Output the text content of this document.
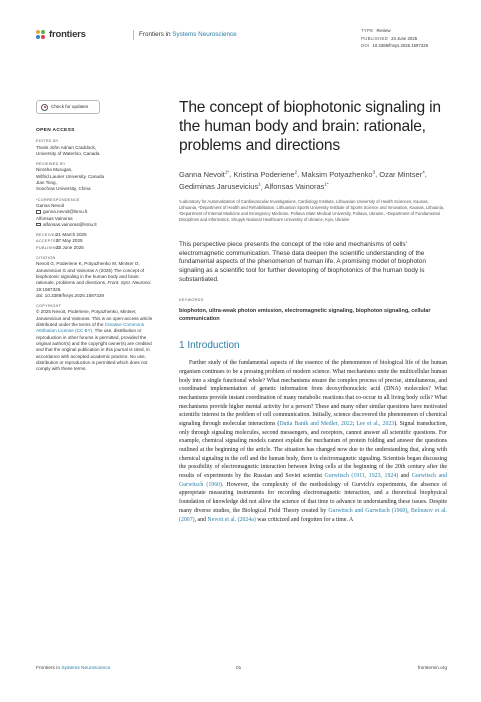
frontiers	Frontiers in Systems Neuroscience
TYPE Review
PUBLISHED 23 June 2025
DOI 10.3389/fnsys.2025.1597329
Check for updates
OPEN ACCESS
EDITED BY
Travis John Adrian Craddock,
University of Waterloo, Canada
REVIEWED BY
Nirosha Murugan,
Wilfrid Laurier University, Canada
Jian Tong,
Soochow University, China
*CORRESPONDENCE
Ganna Nevoit
ganna.nevoit@lsmu.lt
Alfonsas Vainoras
alfonsas.vainoras@lsmu.lt
RECEIVED21 March 2025
ACCEPTED27 May 2025
PUBLISHED23 June 2025
CITATION
Nevoit G, Poderiene K, Potyazhenko M, Mintser O, Jarusevicius G and Vainoras A (2025) The concept of biophotonic signaling in the human body and brain: rationale, problems and directions. Front. Syst. Neurosci. 19:1597329.
doi: 10.3389/fnsys.2025.1597329
COPYRIGHT
© 2025 Nevoit, Poderiene, Potyazhenko, Mintser, Jarusevicius and Vainoras. This is an open-access article distributed under the terms of the Creative Commons Attribution License (CC BY). The use, distribution or reproduction in other forums is permitted, provided the original author(s) and the copyright owner(s) are credited and that the original publication in this journal is cited, in accordance with accepted academic practice. No use, distribution or reproduction is permitted which does not comply with these terms.
The concept of biophotonic signaling in the human body and brain: rationale, problems and directions
Ganna Nevoit$^{1*}$, Kristina Poderiene$^2$, Maksim Potyazhenko$^3$, Ozar Mintser$^4$, Gediminas Jarusevicius$^1$, Alfonsas Vainoras$^{1*}$
¹Laboratory for Automatization of Cardiovascular Investigations, Cardiology Institute, Lithuanian University of Health Sciences, Kaunas, Lithuania, ²Department of Health and Rehabilitation, Lithuanian Sports University Institute of Sports Science and Innovation, Kaunas, Lithuania, ³Department of Internal Medicine and Emergency Medicine, Poltava State Medical University, Poltava, Ukraine, ⁴Department of Fundamental Disciplines and Informatics, Shupyk National Healthcare University of Ukraine, Kyiv, Ukraine
This perspective piece presents the concept of the role and mechanisms of cells' electromagnetic communication. These data deepen the scientific understanding of the fundamental aspects of the phenomenon of human life. A promising model of biophoton signaling as a scientific tool for further developing of biophotonics of the human body is substantiated.
KEYWORDS
biophoton, ultra-weak photon emission, electromagnetic signaling, biophoton signaling, cellular communication
1 Introduction

Further study of the fundamental aspects of the essence of the phenomenon of biological life of the human organism continues to be a pressing problem of modern science. What mechanisms unite the multicellular human body into a single functional whole? What mechanisms ensure the complex process of precise, simultaneous, and coordinated implementation of genetic information from deoxyribonucleic acid (DNA) molecules? What mechanisms provide instant coordination of many metabolic reactions that co-occur in all living body cells? What mechanisms provide higher mental activity for a person? These and many other similar questions have motivated scientific interest in the problem of cell communication. Initially, science discovered the phenomenon of chemical signaling through molecular interactions (Dutta Banik and Medler, 2022; Lee et al., 2023). Signal transduction, only through signaling molecules, second messengers, and receptors, cannot answer all scientific questions. For example, chemical signaling models cannot explain the mechanism of protein folding and answer the questions outlined at the beginning of the article. The situation has changed now due to the understanding that, along with chemical signaling in the cell and the human body, there is electromagnetic signaling. Scientists began discussing the possibility of electromagnetic interaction between living cells at the beginning of the 20th century after the results of experiments by the Russian and Soviet scientist Gurwitsch (1911, 1923, 1924) and Gurwitsch and Gurwitsch (1960). However, the complexity of the methodology of Gurvich's experiments, the absence of appropriate measuring instruments for recording electromagnetic interaction, and a theoretical biophysical foundation of knowledge did not allow the science of that time to advance in understanding these issues. Despite many diverse studies, the Biological Field Theory created by Gurwitsch and Gurwitsch (1960), Belousov et al. (2007), and Nevoit et al. (2024a) was criticized and forgotten for a time. A

Frontiers in Systems Neuroscience	01	frontiersin.org
